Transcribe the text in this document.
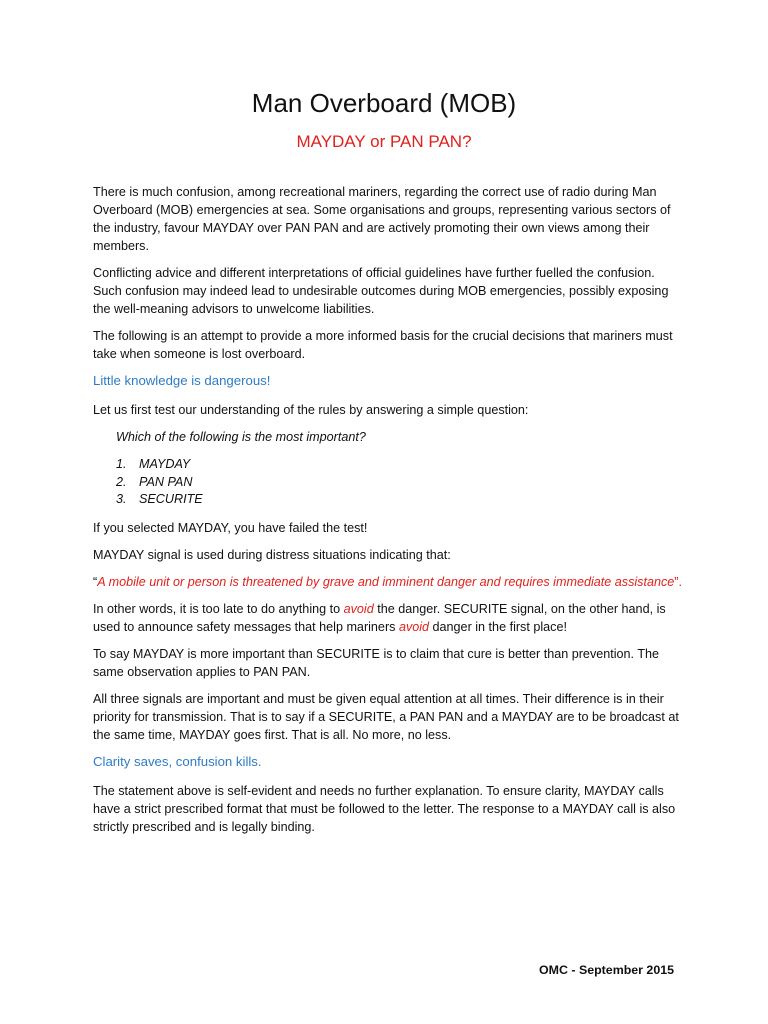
Man Overboard (MOB)
MAYDAY or PAN PAN?

There is much confusion, among recreational mariners, regarding the correct use of radio during Man Overboard (MOB) emergencies at sea. Some organisations and groups, representing various sectors of the industry, favour MAYDAY over PAN PAN and are actively promoting their own views among their members.

Conflicting advice and different interpretations of official guidelines have further fuelled the confusion. Such confusion may indeed lead to undesirable outcomes during MOB emergencies, possibly exposing the well-meaning advisors to unwelcome liabilities.

The following is an attempt to provide a more informed basis for the crucial decisions that mariners must take when someone is lost overboard.

Little knowledge is dangerous!

Let us first test our understanding of the rules by answering a simple question:

Which of the following is the most important?

1. MAYDAY
2. PAN PAN
3. SECURITE

If you selected MAYDAY, you have failed the test!

MAYDAY signal is used during distress situations indicating that:

“A mobile unit or person is threatened by grave and imminent danger and requires immediate assistance”.

In other words, it is too late to do anything to avoid the danger. SECURITE signal, on the other hand, is used to announce safety messages that help mariners avoid danger in the first place!

To say MAYDAY is more important than SECURITE is to claim that cure is better than prevention. The same observation applies to PAN PAN.

All three signals are important and must be given equal attention at all times. Their difference is in their priority for transmission. That is to say if a SECURITE, a PAN PAN and a MAYDAY are to be broadcast at the same time, MAYDAY goes first. That is all. No more, no less.

Clarity saves, confusion kills.

The statement above is self-evident and needs no further explanation. To ensure clarity, MAYDAY calls have a strict prescribed format that must be followed to the letter. The response to a MAYDAY call is also strictly prescribed and is legally binding.

OMC - September 2015
